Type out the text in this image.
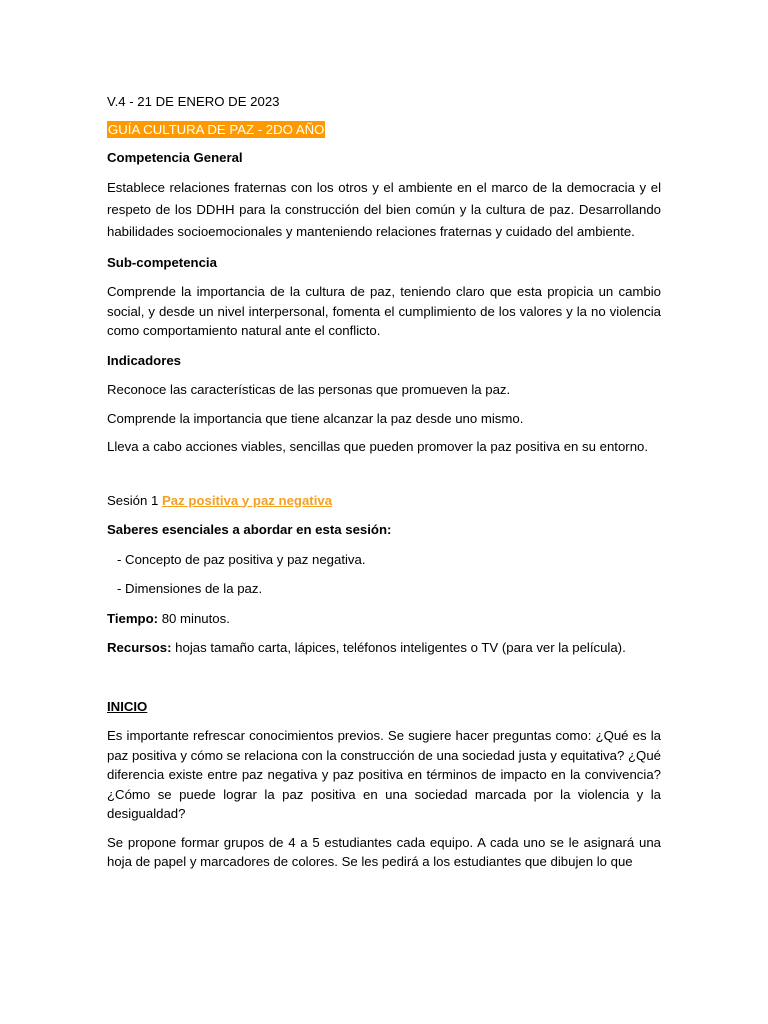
V.4 - 21 DE ENERO DE 2023

GUÍA CULTURA DE PAZ - 2DO AÑO

Competencia General

Establece relaciones fraternas con los otros y el ambiente en el marco de la democracia y el respeto de los DDHH para la construcción del bien común y la cultura de paz. Desarrollando habilidades socioemocionales y manteniendo relaciones fraternas y cuidado del ambiente.

Sub-competencia

Comprende la importancia de la cultura de paz, teniendo claro que esta propicia un cambio social, y desde un nivel interpersonal, fomenta el cumplimiento de los valores y la no violencia como comportamiento natural ante el conflicto.

Indicadores

Reconoce las características de las personas que promueven la paz.

Comprende la importancia que tiene alcanzar la paz desde uno mismo.

Lleva a cabo acciones viables, sencillas que pueden promover la paz positiva en su entorno.

Sesión 1 Paz positiva y paz negativa

Saberes esenciales a abordar en esta sesión:

- Concepto de paz positiva y paz negativa.

- Dimensiones de la paz.

Tiempo: 80 minutos.

Recursos: hojas tamaño carta, lápices, teléfonos inteligentes o TV (para ver la película).

INICIO

Es importante refrescar conocimientos previos. Se sugiere hacer preguntas como: ¿Qué es la paz positiva y cómo se relaciona con la construcción de una sociedad justa y equitativa? ¿Qué diferencia existe entre paz negativa y paz positiva en términos de impacto en la convivencia? ¿Cómo se puede lograr la paz positiva en una sociedad marcada por la violencia y la desigualdad?

Se propone formar grupos de 4 a 5 estudiantes cada equipo. A cada uno se le asignará una hoja de papel y marcadores de colores. Se les pedirá a los estudiantes que dibujen lo que
